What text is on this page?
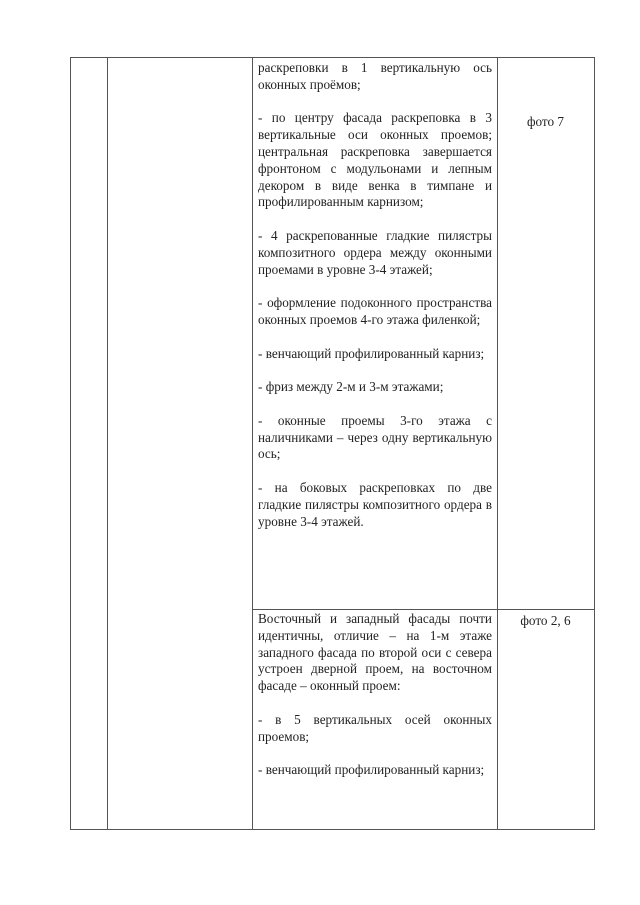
раскреповки в 1 вертикальную ось оконных проёмов;

- по центру фасада раскреповка в 3 вертикальные оси оконных проемов; центральная раскреповка завершается фронтоном с модульонами и лепным декором в виде венка в тимпане и профилированным карнизом;

- 4 раскрепованные гладкие пилястры композитного ордера между оконными проемами в уровне 3-4 этажей;

- оформление подоконного пространства оконных проемов 4-го этажа филенкой;

- венчающий профилированный карниз;

- фриз между 2-м и 3-м этажами;

- оконные проемы 3-го этажа с наличниками – через одну вертикальную ось;

- на боковых раскреповках по две гладкие пилястры композитного ордера в уровне 3-4 этажей.

фото 7

Восточный и западный фасады почти идентичны, отличие – на 1-м этаже западного фасада по второй оси с севера устроен дверной проем, на восточном фасаде – оконный проем:

- в 5 вертикальных осей оконных проемов;

- венчающий профилированный карниз;

фото 2, 6
